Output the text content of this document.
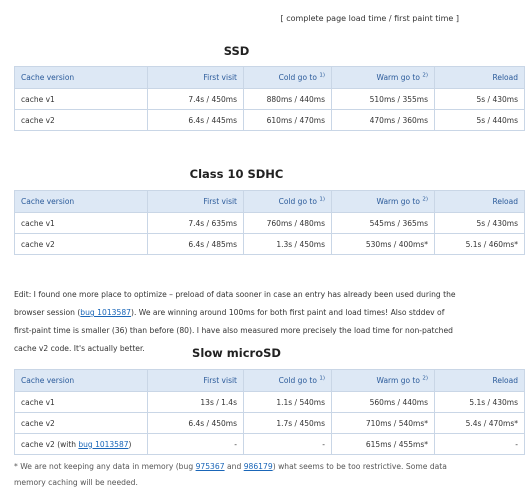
[ complete page load time / first paint time ]
SSD
Cache version	First visit	Cold go to $^{1)}$	Warm go to $^{2)}$	Reload
cache v1	7.4s / 450ms	880ms / 440ms	510ms / 355ms	5s / 430ms
cache v2	6.4s / 445ms	610ms / 470ms	470ms / 360ms	5s / 440ms
Class 10 SDHC
Cache version	First visit	Cold go to $^{1)}$	Warm go to $^{2)}$	Reload
cache v1	7.4s / 635ms	760ms / 480ms	545ms / 365ms	5s / 430ms
cache v2	6.4s / 485ms	1.3s / 450ms	530ms / 400ms*	5.1s / 460ms*
Edit: I found one more place to optimize – preload of data sooner in case an entry has already been used during the browser session (bug 1013587). We are winning around 100ms for both first paint and load times! Also stddev of first-paint time is smaller (36) than before (80). I have also measured more precisely the load time for non-patched cache v2 code. It's actually better.	Slow microSD
Cache version	First visit	Cold go to $^{1)}$	Warm go to $^{2)}$	Reload
cache v1	13s / 1.4s	1.1s / 540ms	560ms / 440ms	5.1s / 430ms
cache v2	6.4s / 450ms	1.7s / 450ms	710ms / 540ms*	5.4s / 470ms*
cache v2 (with bug 1013587)	-	-	615ms / 455ms*	-
* We are not keeping any data in memory (bug 975367 and 986179) what seems to be too restrictive. Some data memory caching will be needed.
